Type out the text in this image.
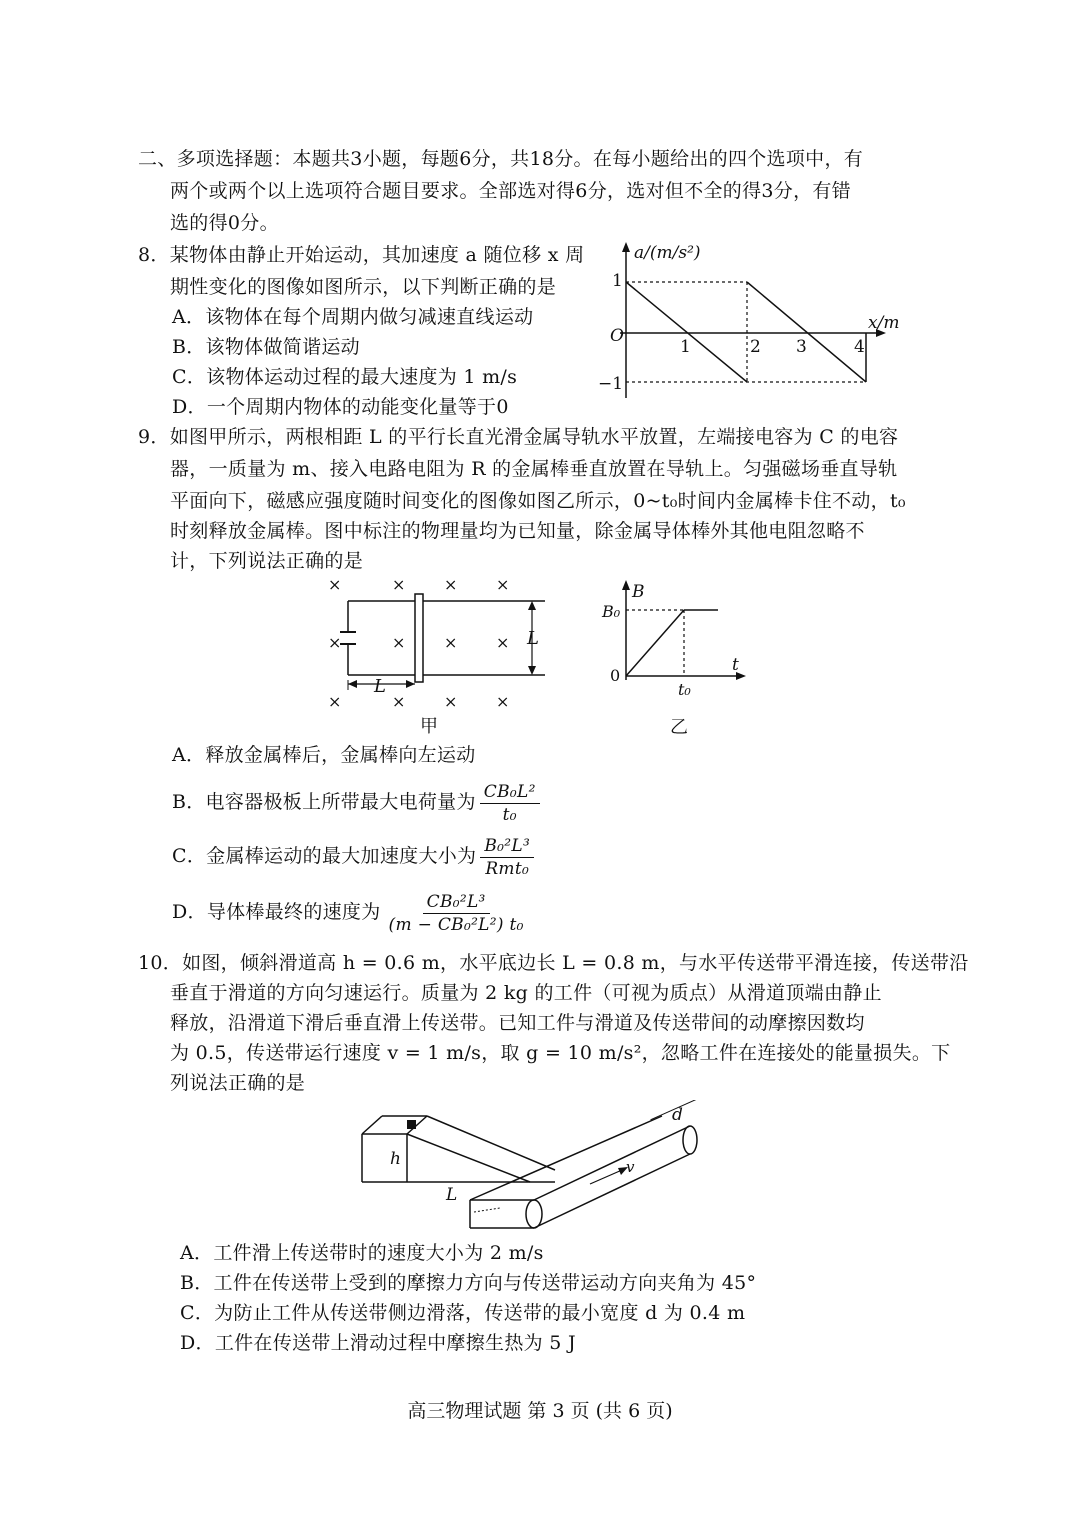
二、多项选择题：本题共3小题，每题6分，共18分。在每小题给出的四个选项中，有
两个或两个以上选项符合题目要求。全部选对得6分，选对但不全的得3分，有错
选的得0分。
8．某物体由静止开始运动，其加速度 a 随位移 x 周
期性变化的图像如图所示，以下判断正确的是
A．该物体在每个周期内做匀减速直线运动
B．该物体做简谐运动
C．该物体运动过程的最大速度为 1 m/s
D．一个周期内物体的动能变化量等于0
a/(m/s²)
x/m
O
1
−1
1	2 3	4
9．如图甲所示，两根相距 L 的平行长直光滑金属导轨水平放置，左端接电容为 C 的电容
器，一质量为 m、接入电路电阻为 R 的金属棒垂直放置在导轨上。匀强磁场垂直导轨
平面向下，磁感应强度随时间变化的图像如图乙所示，0~t₀时间内金属棒卡住不动，t₀
时刻释放金属棒。图中标注的物理量均为已知量，除金属导体棒外其他电阻忽略不
计，下列说法正确的是
×	× × ×
×	× × ×
×	× × ×
L
L
甲
B
t
B₀
0
t₀
乙
A．释放金属棒后，金属棒向左运动
B．电容器极板上所带最大电荷量为 $\frac{\text{CB₀L²}}{\text{t₀}}$
C．金属棒运动的最大加速度大小为 $\frac{\text{B₀²L³}}{\text{Rmt₀}}$
D．导体棒最终的速度为 $\frac{\text{CB₀²L³}}{\text{(m − CB₀²L²) t₀}}$
10．如图，倾斜滑道高 h = 0.6 m，水平底边长 L = 0.8 m，与水平传送带平滑连接，传送带沿
垂直于滑道的方向匀速运行。质量为 2 kg 的工件（可视为质点）从滑道顶端由静止
释放，沿滑道下滑后垂直滑上传送带。已知工件与滑道及传送带间的动摩擦因数均
为 0.5，传送带运行速度 v = 1 m/s，取 g = 10 m/s²，忽略工件在连接处的能量损失。下
列说法正确的是
h
L
v
d
A．工件滑上传送带时的速度大小为 2 m/s
B．工件在传送带上受到的摩擦力方向与传送带运动方向夹角为 45°
C．为防止工件从传送带侧边滑落，传送带的最小宽度 d 为 0.4 m
D．工件在传送带上滑动过程中摩擦生热为 5 J
高三物理试题 第 3 页 (共 6 页)
